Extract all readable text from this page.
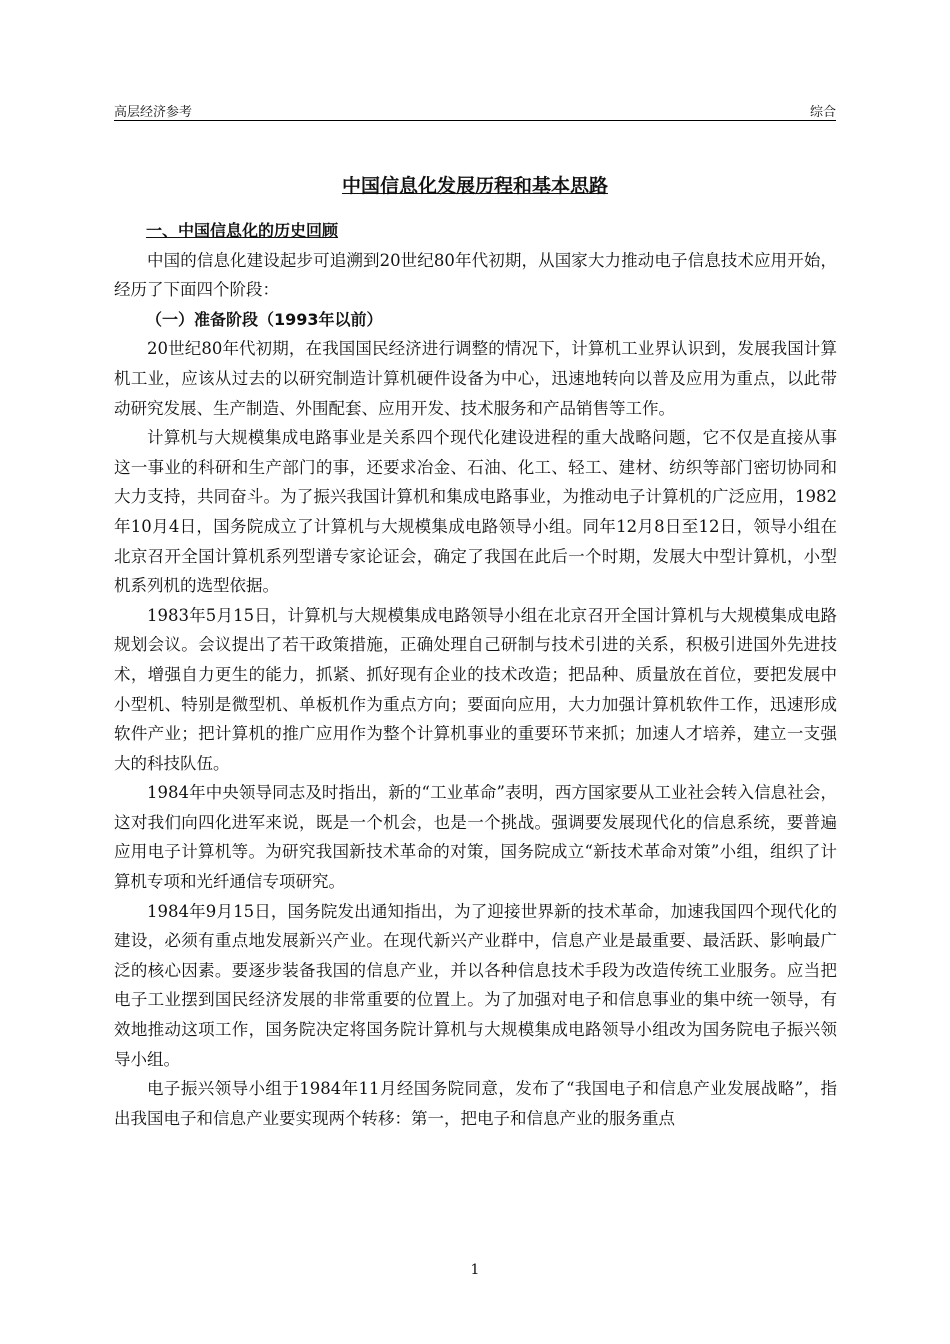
高层经济参考	综合
中国信息化发展历程和基本思路
一、中国信息化的历史回顾

中国的信息化建设起步可追溯到20世纪80年代初期，从国家大力推动电子信息技术应用开始，经历了下面四个阶段：

（一）准备阶段（1993年以前）

20世纪80年代初期，在我国国民经济进行调整的情况下，计算机工业界认识到，发展我国计算机工业，应该从过去的以研究制造计算机硬件设备为中心，迅速地转向以普及应用为重点，以此带动研究发展、生产制造、外围配套、应用开发、技术服务和产品销售等工作。

计算机与大规模集成电路事业是关系四个现代化建设进程的重大战略问题，它不仅是直接从事这一事业的科研和生产部门的事，还要求冶金、石油、化工、轻工、建材、纺织等部门密切协同和大力支持，共同奋斗。为了振兴我国计算机和集成电路事业，为推动电子计算机的广泛应用，1982年10月4日，国务院成立了计算机与大规模集成电路领导小组。同年12月8日至12日，领导小组在北京召开全国计算机系列型谱专家论证会，确定了我国在此后一个时期，发展大中型计算机，小型机系列机的选型依据。

1983年5月15日，计算机与大规模集成电路领导小组在北京召开全国计算机与大规模集成电路规划会议。会议提出了若干政策措施，正确处理自己研制与技术引进的关系，积极引进国外先进技术，增强自力更生的能力，抓紧、抓好现有企业的技术改造；把品种、质量放在首位，要把发展中小型机、特别是微型机、单板机作为重点方向；要面向应用，大力加强计算机软件工作，迅速形成软件产业；把计算机的推广应用作为整个计算机事业的重要环节来抓；加速人才培养，建立一支强大的科技队伍。

1984年中央领导同志及时指出，新的“工业革命”表明，西方国家要从工业社会转入信息社会，这对我们向四化进军来说，既是一个机会，也是一个挑战。强调要发展现代化的信息系统，要普遍应用电子计算机等。为研究我国新技术革命的对策，国务院成立“新技术革命对策”小组，组织了计算机专项和光纤通信专项研究。

1984年9月15日，国务院发出通知指出，为了迎接世界新的技术革命，加速我国四个现代化的建设，必须有重点地发展新兴产业。在现代新兴产业群中，信息产业是最重要、最活跃、影响最广泛的核心因素。要逐步装备我国的信息产业，并以各种信息技术手段为改造传统工业服务。应当把电子工业摆到国民经济发展的非常重要的位置上。为了加强对电子和信息事业的集中统一领导，有效地推动这项工作，国务院决定将国务院计算机与大规模集成电路领导小组改为国务院电子振兴领导小组。

电子振兴领导小组于1984年11月经国务院同意，发布了“我国电子和信息产业发展战略”，指出我国电子和信息产业要实现两个转移：第一，把电子和信息产业的服务重点

1
